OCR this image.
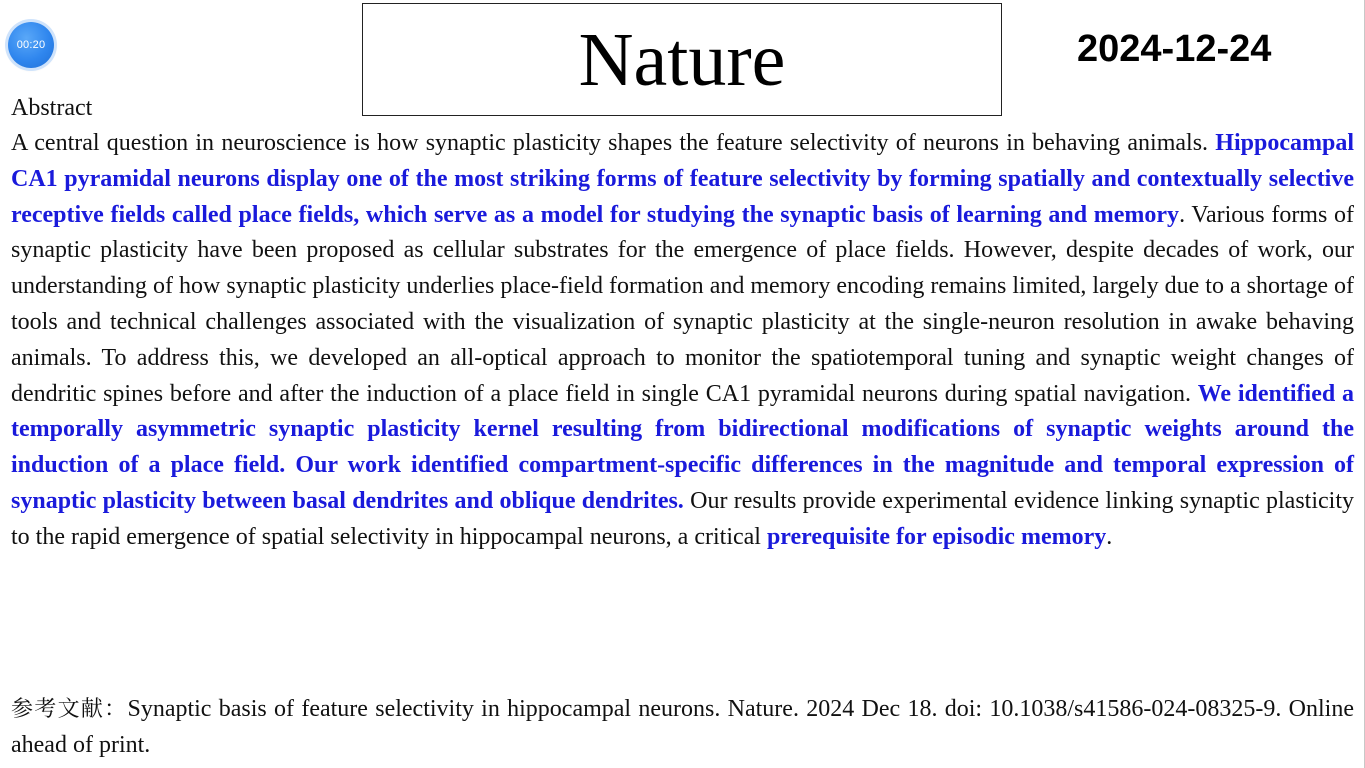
00:20	Nature	2024-12-24
Abstract

A central question in neuroscience is how synaptic plasticity shapes the feature selectivity of neurons in behaving animals. Hippocampal CA1 pyramidal neurons display one of the most striking forms of feature selectivity by forming spatially and contextually selective receptive fields called place fields, which serve as a model for studying the synaptic basis of learning and memory. Various forms of synaptic plasticity have been proposed as cellular substrates for the emergence of place fields. However, despite decades of work, our understanding of how synaptic plasticity underlies place-field formation and memory encoding remains limited, largely due to a shortage of tools and technical challenges associated with the visualization of synaptic plasticity at the single-neuron resolution in awake behaving animals. To address this, we developed an all-optical approach to monitor the spatiotemporal tuning and synaptic weight changes of dendritic spines before and after the induction of a place field in single CA1 pyramidal neurons during spatial navigation. We identified a temporally asymmetric synaptic plasticity kernel resulting from bidirectional modifications of synaptic weights around the induction of a place field. Our work identified compartment-specific differences in the magnitude and temporal expression of synaptic plasticity between basal dendrites and oblique dendrites. Our results provide experimental evidence linking synaptic plasticity to the rapid emergence of spatial selectivity in hippocampal neurons, a critical prerequisite for episodic memory.

参考文献：Synaptic basis of feature selectivity in hippocampal neurons. Nature. 2024 Dec 18. doi: 10.1038/s41586-024-08325-9. Online ahead of print.
